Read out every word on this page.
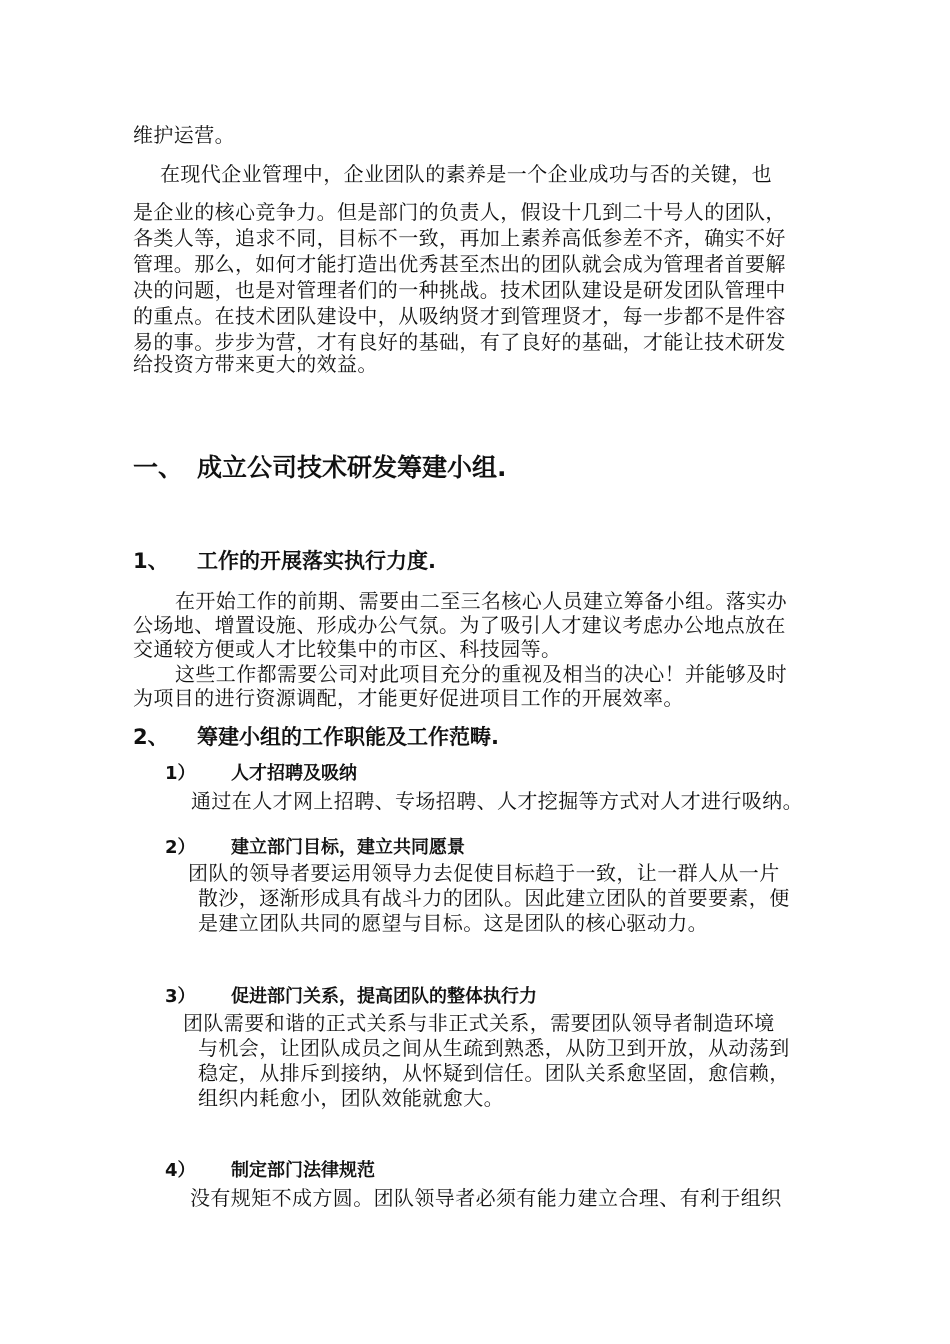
维护运营。
在现代企业管理中，企业团队的素养是一个企业成功与否的关键，也
是企业的核心竞争力。但是部门的负责人，假设十几到二十号人的团队，
各类人等，追求不同，目标不一致，再加上素养高低参差不齐，确实不好
管理。那么，如何才能打造出优秀甚至杰出的团队就会成为管理者首要解
决的问题，也是对管理者们的一种挑战。技术团队建设是研发团队管理中
的重点。在技术团队建设中，从吸纳贤才到管理贤才，每一步都不是件容
易的事。步步为营，才有良好的基础，有了良好的基础，才能让技术研发
给投资方带来更大的效益。
一、 成立公司技术研发筹建小组.
1、 工作的开展落实执行力度.
在开始工作的前期、需要由二至三名核心人员建立筹备小组。落实办
公场地、增置设施、形成办公气氛。为了吸引人才建议考虑办公地点放在
交通较方便或人才比较集中的市区、科技园等。
这些工作都需要公司对此项目充分的重视及相当的决心！并能够及时
为项目的进行资源调配，才能更好促进项目工作的开展效率。
2、 筹建小组的工作职能及工作范畴.
1） 人才招聘及吸纳
通过在人才网上招聘、专场招聘、人才挖掘等方式对人才进行吸纳。
2） 建立部门目标，建立共同愿景
团队的领导者要运用领导力去促使目标趋于一致，让一群人从一片
散沙，逐渐形成具有战斗力的团队。因此建立团队的首要要素，便
是建立团队共同的愿望与目标。这是团队的核心驱动力。
3） 促进部门关系，提高团队的整体执行力
团队需要和谐的正式关系与非正式关系，需要团队领导者制造环境
与机会，让团队成员之间从生疏到熟悉，从防卫到开放，从动荡到
稳定，从排斥到接纳，从怀疑到信任。团队关系愈坚固，愈信赖，
组织内耗愈小，团队效能就愈大。
4） 制定部门法律规范
没有规矩不成方圆。团队领导者必须有能力建立合理、有利于组织
